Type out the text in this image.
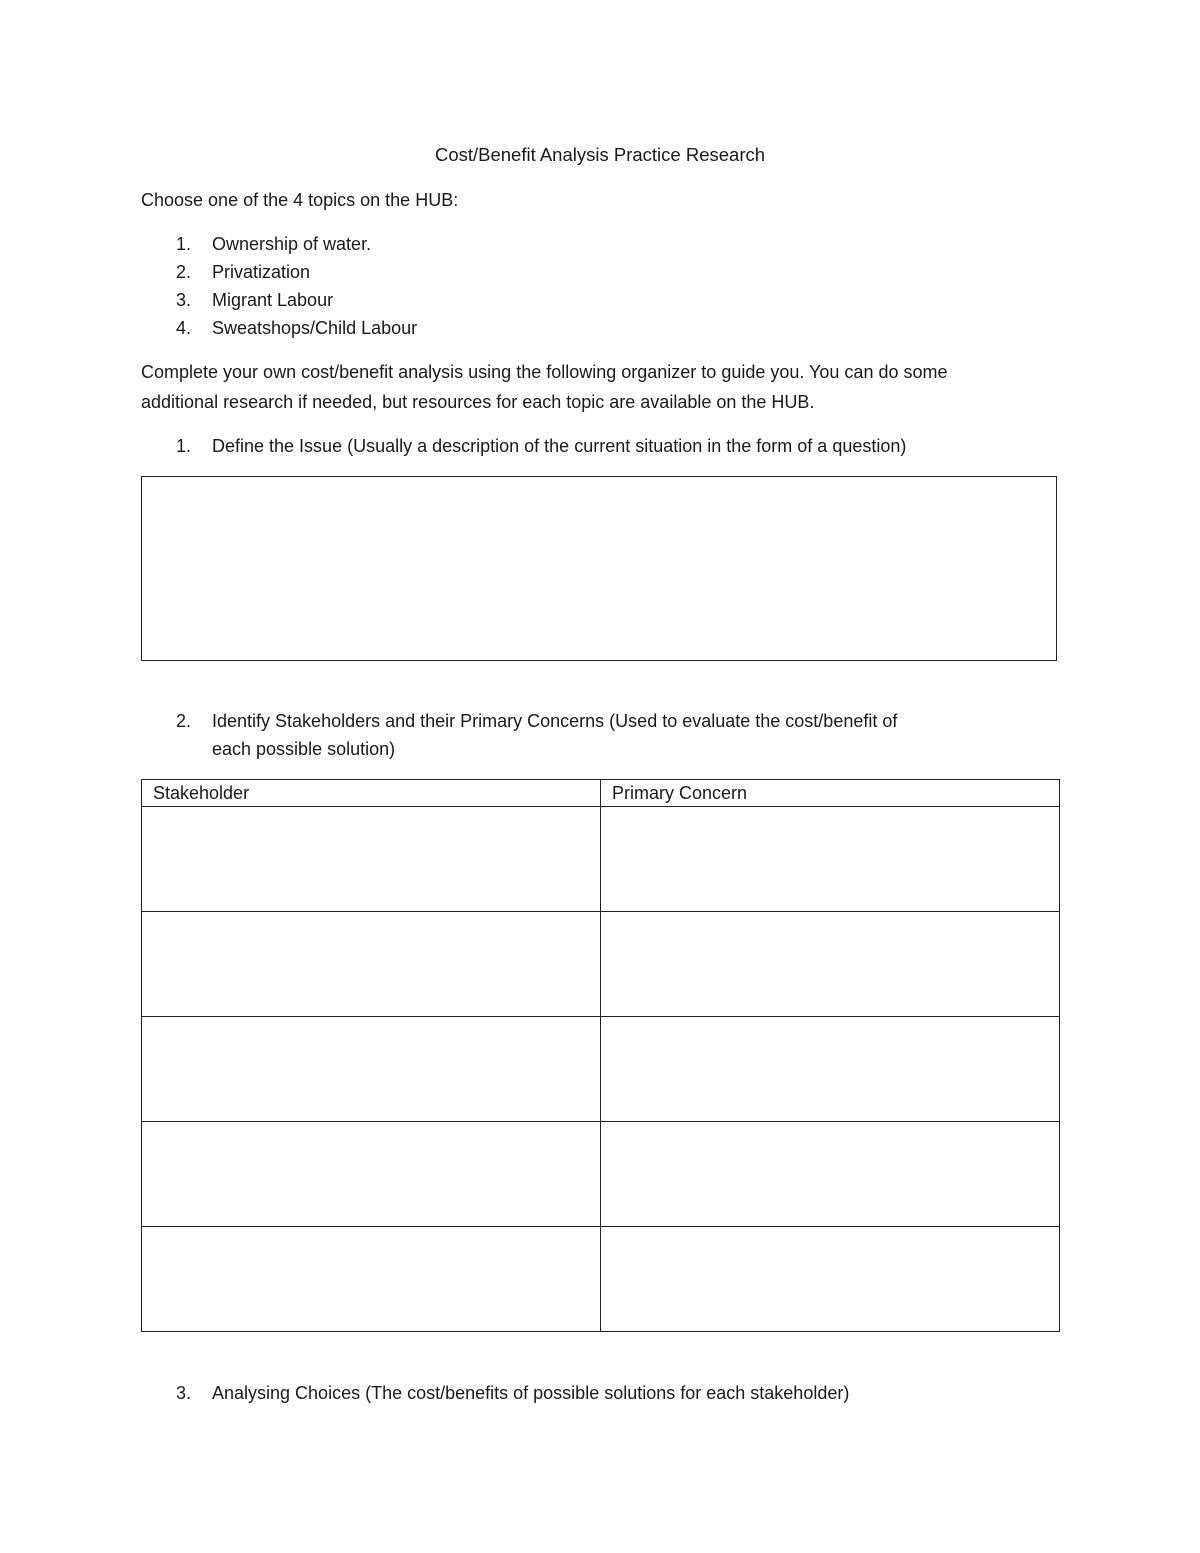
Cost/Benefit Analysis Practice Research
Choose one of the 4 topics on the HUB:
1.	Ownership of water.
2.	Privatization
3.	Migrant Labour
4.	Sweatshops/Child Labour
Complete your own cost/benefit analysis using the following organizer to guide you. You can do some
additional research if needed, but resources for each topic are available on the HUB.
1.	Define the Issue (Usually a description of the current situation in the form of a question)
2.	Identify Stakeholders and their Primary Concerns (Used to evaluate the cost/benefit of
each possible solution)
Stakeholder	Primary Concern

3.	Analysing Choices (The cost/benefits of possible solutions for each stakeholder)
